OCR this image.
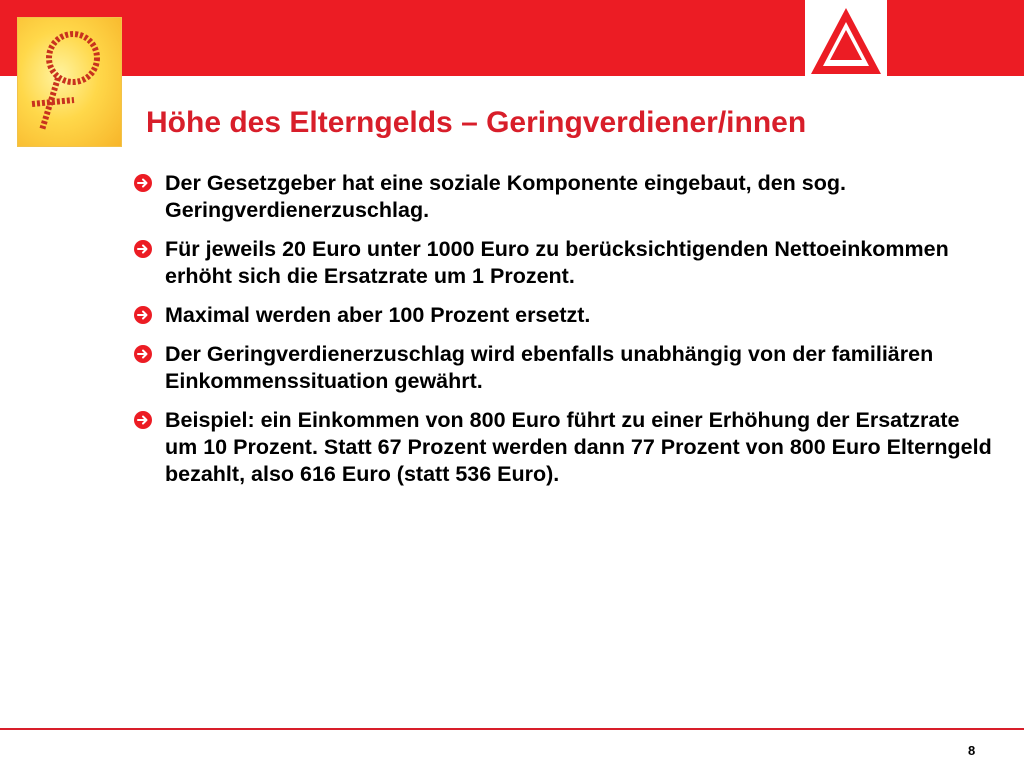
Höhe des Elterngelds – Geringverdiener/innen
Der Gesetzgeber hat eine soziale Komponente eingebaut, den sog. Geringverdienerzuschlag.
Für jeweils 20 Euro unter 1000 Euro zu berücksichtigenden Nettoeinkommen erhöht sich die Ersatzrate um 1 Prozent.
Maximal werden aber 100 Prozent ersetzt.
Der Geringverdienerzuschlag wird ebenfalls unabhängig von der familiären Einkommenssituation gewährt.
Beispiel: ein Einkommen von 800 Euro führt zu einer Erhöhung der Ersatzrate um 10 Prozent. Statt 67 Prozent werden dann 77 Prozent von 800 Euro Elterngeld bezahlt, also 616 Euro (statt 536 Euro).
8
